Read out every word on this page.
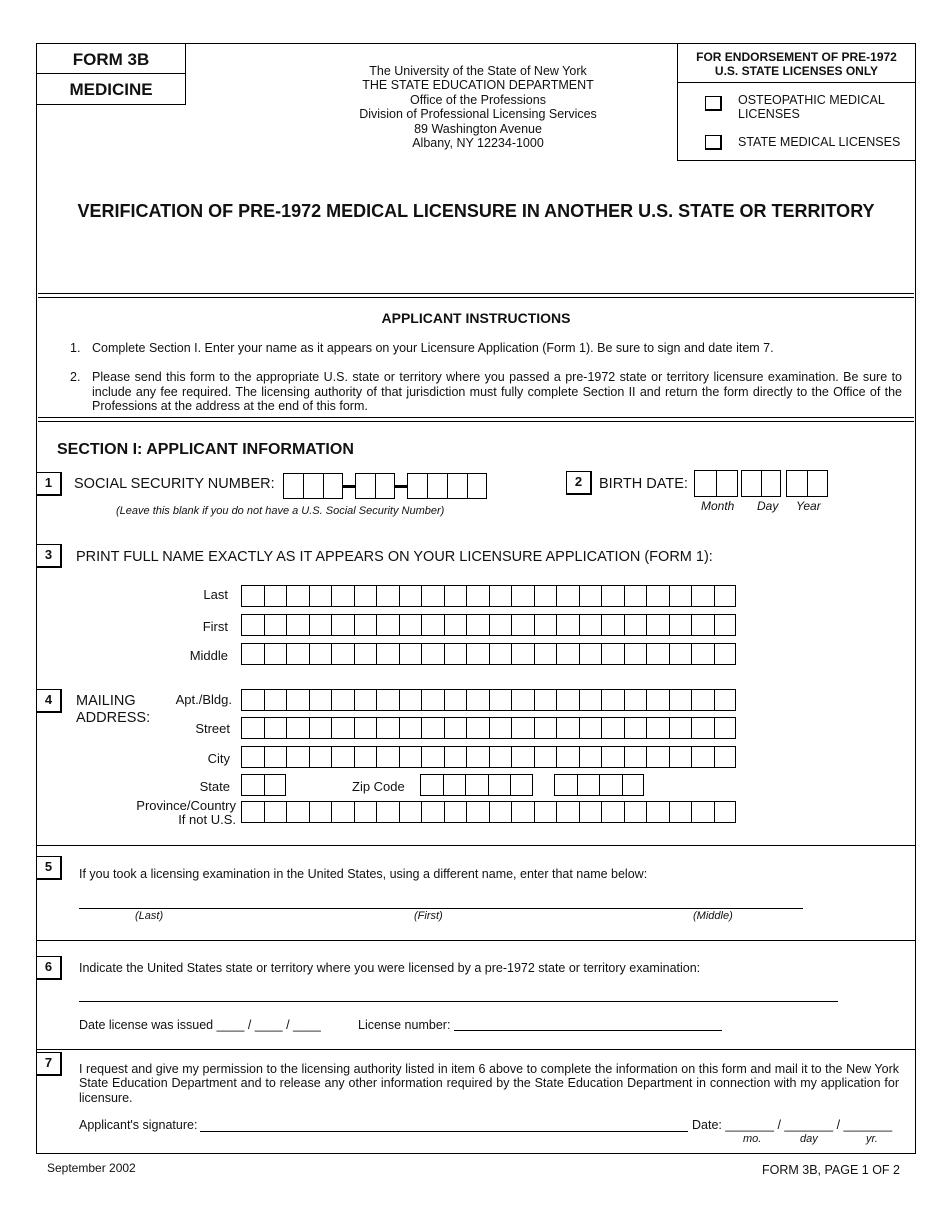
FORM 3B
MEDICINE
The University of the State of New York
THE STATE EDUCATION DEPARTMENT
Office of the Professions
Division of Professional Licensing Services
89 Washington Avenue
Albany, NY 12234-1000
FOR ENDORSEMENT OF PRE-1972 U.S. STATE LICENSES ONLY
OSTEOPATHIC MEDICAL LICENSES
STATE MEDICAL LICENSES
VERIFICATION OF PRE-1972 MEDICAL LICENSURE IN ANOTHER U.S. STATE OR TERRITORY
APPLICANT INSTRUCTIONS
1. Complete Section I. Enter your name as it appears on your Licensure Application (Form 1). Be sure to sign and date item 7.
2. Please send this form to the appropriate U.S. state or territory where you passed a pre-1972 state or territory licensure examination. Be sure to include any fee required. The licensing authority of that jurisdiction must fully complete Section II and return the form directly to the Office of the Professions at the address at the end of this form.
SECTION I: APPLICANT INFORMATION
1	SOCIAL SECURITY NUMBER:
(Leave this blank if you do not have a U.S. Social Security Number)
2	BIRTH DATE:
Month Day Year
3	PRINT FULL NAME EXACTLY AS IT APPEARS ON YOUR LICENSURE APPLICATION (FORM 1):
Last
First
Middle
4	MAILING
ADDRESS:
Apt./Bldg.
Street
City
State	Zip Code
Province/Country
If not U.S.
5	If you took a licensing examination in the United States, using a different name, enter that name below:
(Last)	(First)	(Middle)
6	Indicate the United States state or territory where you were licensed by a pre-1972 state or territory examination:
Date license was issued ____ / ____ / ____	License number:
7	I request and give my permission to the licensing authority listed in item 6 above to complete the information on this form and mail it to the New York State Education Department and to release any other information required by the State Education Department in connection with my application for licensure.
Applicant's signature:	Date: _______ / _______ / _______
mo.	day	yr.
September 2002	FORM 3B, PAGE 1 OF 2
